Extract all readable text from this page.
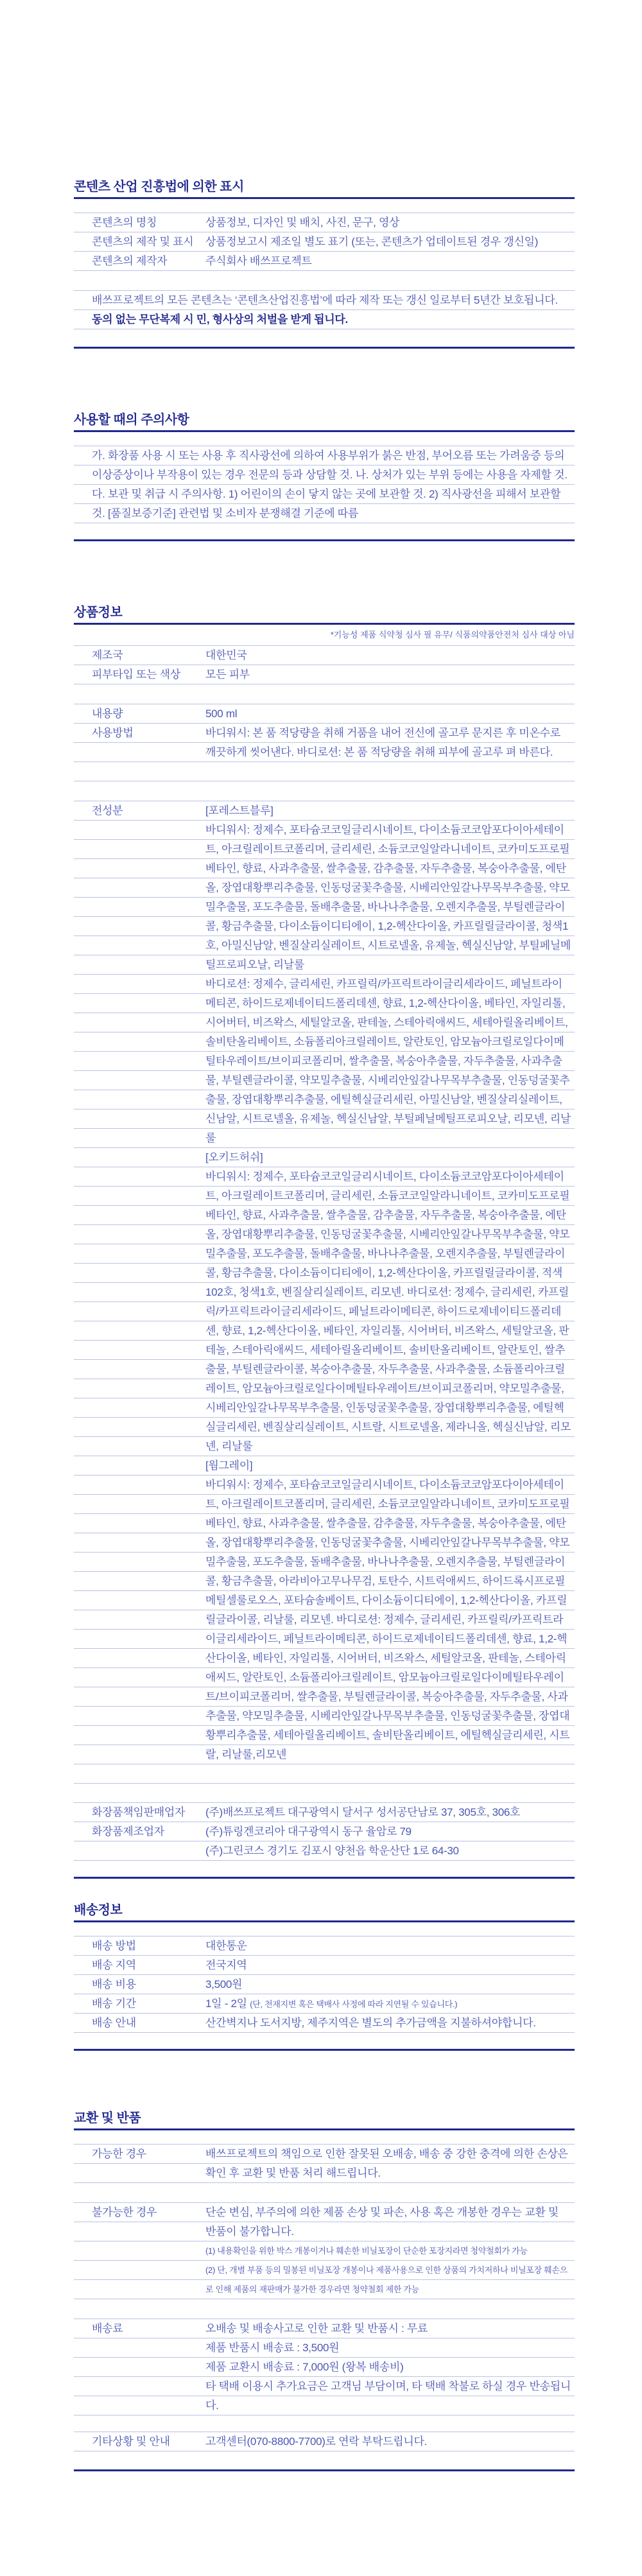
콘텐츠 산업 진흥법에 의한 표시
콘텐츠의 명칭	상품정보, 디자인 및 배치, 사진, 문구, 영상
콘텐츠의 제작 및 표시	상품정보고시 제조일 별도 표기 (또는, 콘텐츠가 업데이트된 경우 갱신일)
콘텐츠의 제작자	주식회사 배쓰프로젝트
배쓰프로젝트의 모든 콘텐츠는 ‘콘텐츠산업진흥법’에 따라 제작 또는 갱신 일로부터 5년간 보호됩니다. 동의 없는 무단복제 시 민, 형사상의 처벌을 받게 됩니다.
사용할 때의 주의사항
가. 화장품 사용 시 또는 사용 후 직사광선에 의하여 사용부위가 붉은 반점, 부어오름 또는 가려움증 등의 이상증상이나 부작용이 있는 경우 전문의 등과 상담할 것. 나. 상처가 있는 부위 등에는 사용을 자제할 것. 다. 보관 및 취급 시 주의사항. 1) 어린이의 손이 닿지 않는 곳에 보관할 것. 2) 직사광선을 피해서 보관할 것. [품질보증기준] 관련법 및 소비자 분쟁해결 기준에 따름
상품정보
*기능성 제품 식약청 심사 필 유무/ 식품의약품안전처 심사 대상 아님
제조국	대한민국
피부타입 또는 색상	모든 피부
내용량	500 ml
사용방법	바디워시: 본 품 적당량을 취해 거품을 내어 전신에 골고루 문지른 후 미온수로 깨끗하게 씻어낸다. 바디로션: 본 품 적당량을 취해 피부에 골고루 펴 바른다.
전성분	[포레스트블루]
바디워시: 정제수, 포타슘코코일글리시네이트, 다이소듐코코암포다이아세테이트, 아크릴레이트코폴리머, 글리세린, 소듐코코일알라니네이트, 코카미도프로필베타인, 향료, 사과추출물, 쌀추출물, 감추출물, 자두추출물, 복숭아추출물, 에탄올, 장엽대황뿌리추출물, 인동덩굴꽃추출물, 시베리안잎갈나무목부추출물, 약모밀추출물, 포도추출물, 돌배추출물, 바나나추출물, 오렌지추출물, 부틸렌글라이콜, 황금추출물, 다이소듐이디티에이, 1,2-헥산다이올, 카프릴릴글라이콜, 청색1호, 아밀신남알, 벤질살리실레이트, 시트로넬올, 유제놀, 헥실신남알, 부틸페닐메틸프로피오날, 리날룰
바디로션: 정제수, 글리세린, 카프릴릭/카프릭트라이글리세라이드, 페닐트라이메티콘, 하이드로제네이티드폴리데센, 향료, 1,2-헥산다이올, 베타인, 자일리톨, 시어버터, 비즈왁스, 세틸알코올, 판테놀, 스테아릭애씨드, 세테아릴올리베이트, 솔비탄올리베이트, 소듐폴리아크릴레이트, 알란토인, 암모늄아크릴로일다이메틸타우레이트/브이피코폴리머, 쌀추출물, 복숭아추출물, 자두추출물, 사과추출물, 부틸렌글라이콜, 약모밀추출물, 시베리안잎갈나무목부추출물, 인동덩굴꽃추출물, 장엽대황뿌리추출물, 에틸헥실글리세린, 아밀신남알, 벤질살리실레이트, 신남알, 시트로넬올, 유제놀, 헥실신남알, 부틸페닐메틸프로피오날, 리모넨, 리날룰
[오키드허쉬]
바디워시: 정제수, 포타슘코코일글리시네이트, 다이소듐코코암포다이아세테이트, 아크릴레이트코폴리머, 글리세린, 소듐코코일알라니네이트, 코카미도프로필베타인, 향료, 사과추출물, 쌀추출물, 감추출물, 자두추출물, 복숭아추출물, 에탄올, 장엽대황뿌리추출물, 인동덩굴꽃추출물, 시베리안잎갈나무목부추출물, 약모밀추출물, 포도추출물, 돌배추출물, 바나나추출물, 오렌지추출물, 부틸렌글라이콜, 황금추출물, 다이소듐이디티에이, 1,2-헥산다이올, 카프릴릴글라이콜, 적색102호, 청색1호, 벤질살리실레이트, 리모넨. 바디로션: 정제수, 글리세린, 카프릴릭/카프릭트라이글리세라이드, 페닐트라이메티콘, 하이드로제네이티드폴리데센, 향료, 1,2-헥산다이올, 베타인, 자일리톨, 시어버터, 비즈왁스, 세틸알코올, 판테놀, 스테아릭애씨드, 세테아릴올리베이트, 솔비탄올리베이트, 알란토인, 쌀추출물, 부틸렌글라이콜, 복숭아추출물, 자두추출물, 사과추출물, 소듐폴리아크릴레이트, 암모늄아크릴로일다이메틸타우레이트/브이피코폴리머, 약모밀추출물, 시베리안잎갈나무목부추출물, 인동덩굴꽃추출물, 장엽대황뿌리추출물, 에틸헥실글리세린, 벤질살리실레이트, 시트랄, 시트로넬올, 제라니올, 헥실신남알, 리모넨, 리날룰
[웜그레이]
바디워시: 정제수, 포타슘코코일글리시네이트, 다이소듐코코암포다이아세테이트, 아크릴레이트코폴리머, 글리세린, 소듐코코일알라니네이트, 코카미도프로필베타인, 향료, 사과추출물, 쌀추출물, 감추출물, 자두추출물, 복숭아추출물, 에탄올, 장엽대황뿌리추출물, 인동덩굴꽃추출물, 시베리안잎갈나무목부추출물, 약모밀추출물, 포도추출물, 돌배추출물, 바나나추출물, 오렌지추출물, 부틸렌글라이콜, 황금추출물, 아라비아고무나무검, 토탄수, 시트릭애씨드, 하이드록시프로필메틸셀룰로오스, 포타슘솔베이트, 다이소듐이디티에이, 1,2-헥산다이올, 카프릴릴글라이콜, 리날룰, 리모넨. 바디로션: 정제수, 글리세린, 카프릴릭/카프릭트라이글리세라이드, 페닐트라이메티콘, 하이드로제네이티드폴리데센, 향료, 1,2-헥산다이올, 베타인, 자일리톨, 시어버터, 비즈왁스, 세틸알코올, 판테놀, 스테아릭애씨드, 알란토인, 소듐폴리아크릴레이트, 암모늄아크릴로일다이메틸타우레이트/브이피코폴리머, 쌀추출물, 부틸렌글라이콜, 복숭아추출물, 자두추출물, 사과추출물, 약모밀추출물, 시베리안잎갈나무목부추출물, 인동덩굴꽃추출물, 장엽대황뿌리추출물, 세테아릴올리베이트, 솔비탄올리베이트, 에틸헥실글리세린, 시트랄, 리날룰,리모넨
화장품책임판매업자	(주)배쓰프로젝트 대구광역시 달서구 성서공단남로 37, 305호, 306호
화장품제조업자	(주)튜링겐코리아 대구광역시 동구 율암로 79
(주)그린코스 경기도 김포시 양천읍 학운산단 1로 64-30
배송정보
배송 방법	대한통운
배송 지역	전국지역
배송 비용	3,500원
배송 기간	1일 - 2일 (단, 천재지변 혹은 택배사 사정에 따라 지연될 수 있습니다.)
배송 안내	산간벽지나 도서지방, 제주지역은 별도의 추가금액을 지불하셔야합니다.
교환 및 반품
가능한 경우	배쓰프로젝트의 책임으로 인한 잘못된 오배송, 배송 중 강한 충격에 의한 손상은 확인 후 교환 및 반품 처리 해드립니다.
불가능한 경우	단순 변심, 부주의에 의한 제품 손상 및 파손, 사용 혹은 개봉한 경우는 교환 및 반품이 불가합니다.
(1) 내용확인을 위한 박스 개봉이거나 훼손한 비닐포장이 단순한 포장지라면 청약철회가 가능
(2) 단, 개별 부품 등의 밀봉된 비닐포장 개봉이나 제품사용으로 인한 상품의 가치저하나 비닐포장 훼손으로 인해 제품의 재판매가 불가한 경우라면 청약철회 제한 가능
배송료	오배송 및 배송사고로 인한 교환 및 반품시 : 무료
제품 반품시 배송료 : 3,500원
제품 교환시 배송료 : 7,000원 (왕복 배송비)
타 택배 이용시 추가요금은 고객님 부담이며, 타 택배 착불로 하실 경우 반송됩니다.
기타상황 및 안내	고객센터(070-8800-7700)로 연락 부탁드립니다.
